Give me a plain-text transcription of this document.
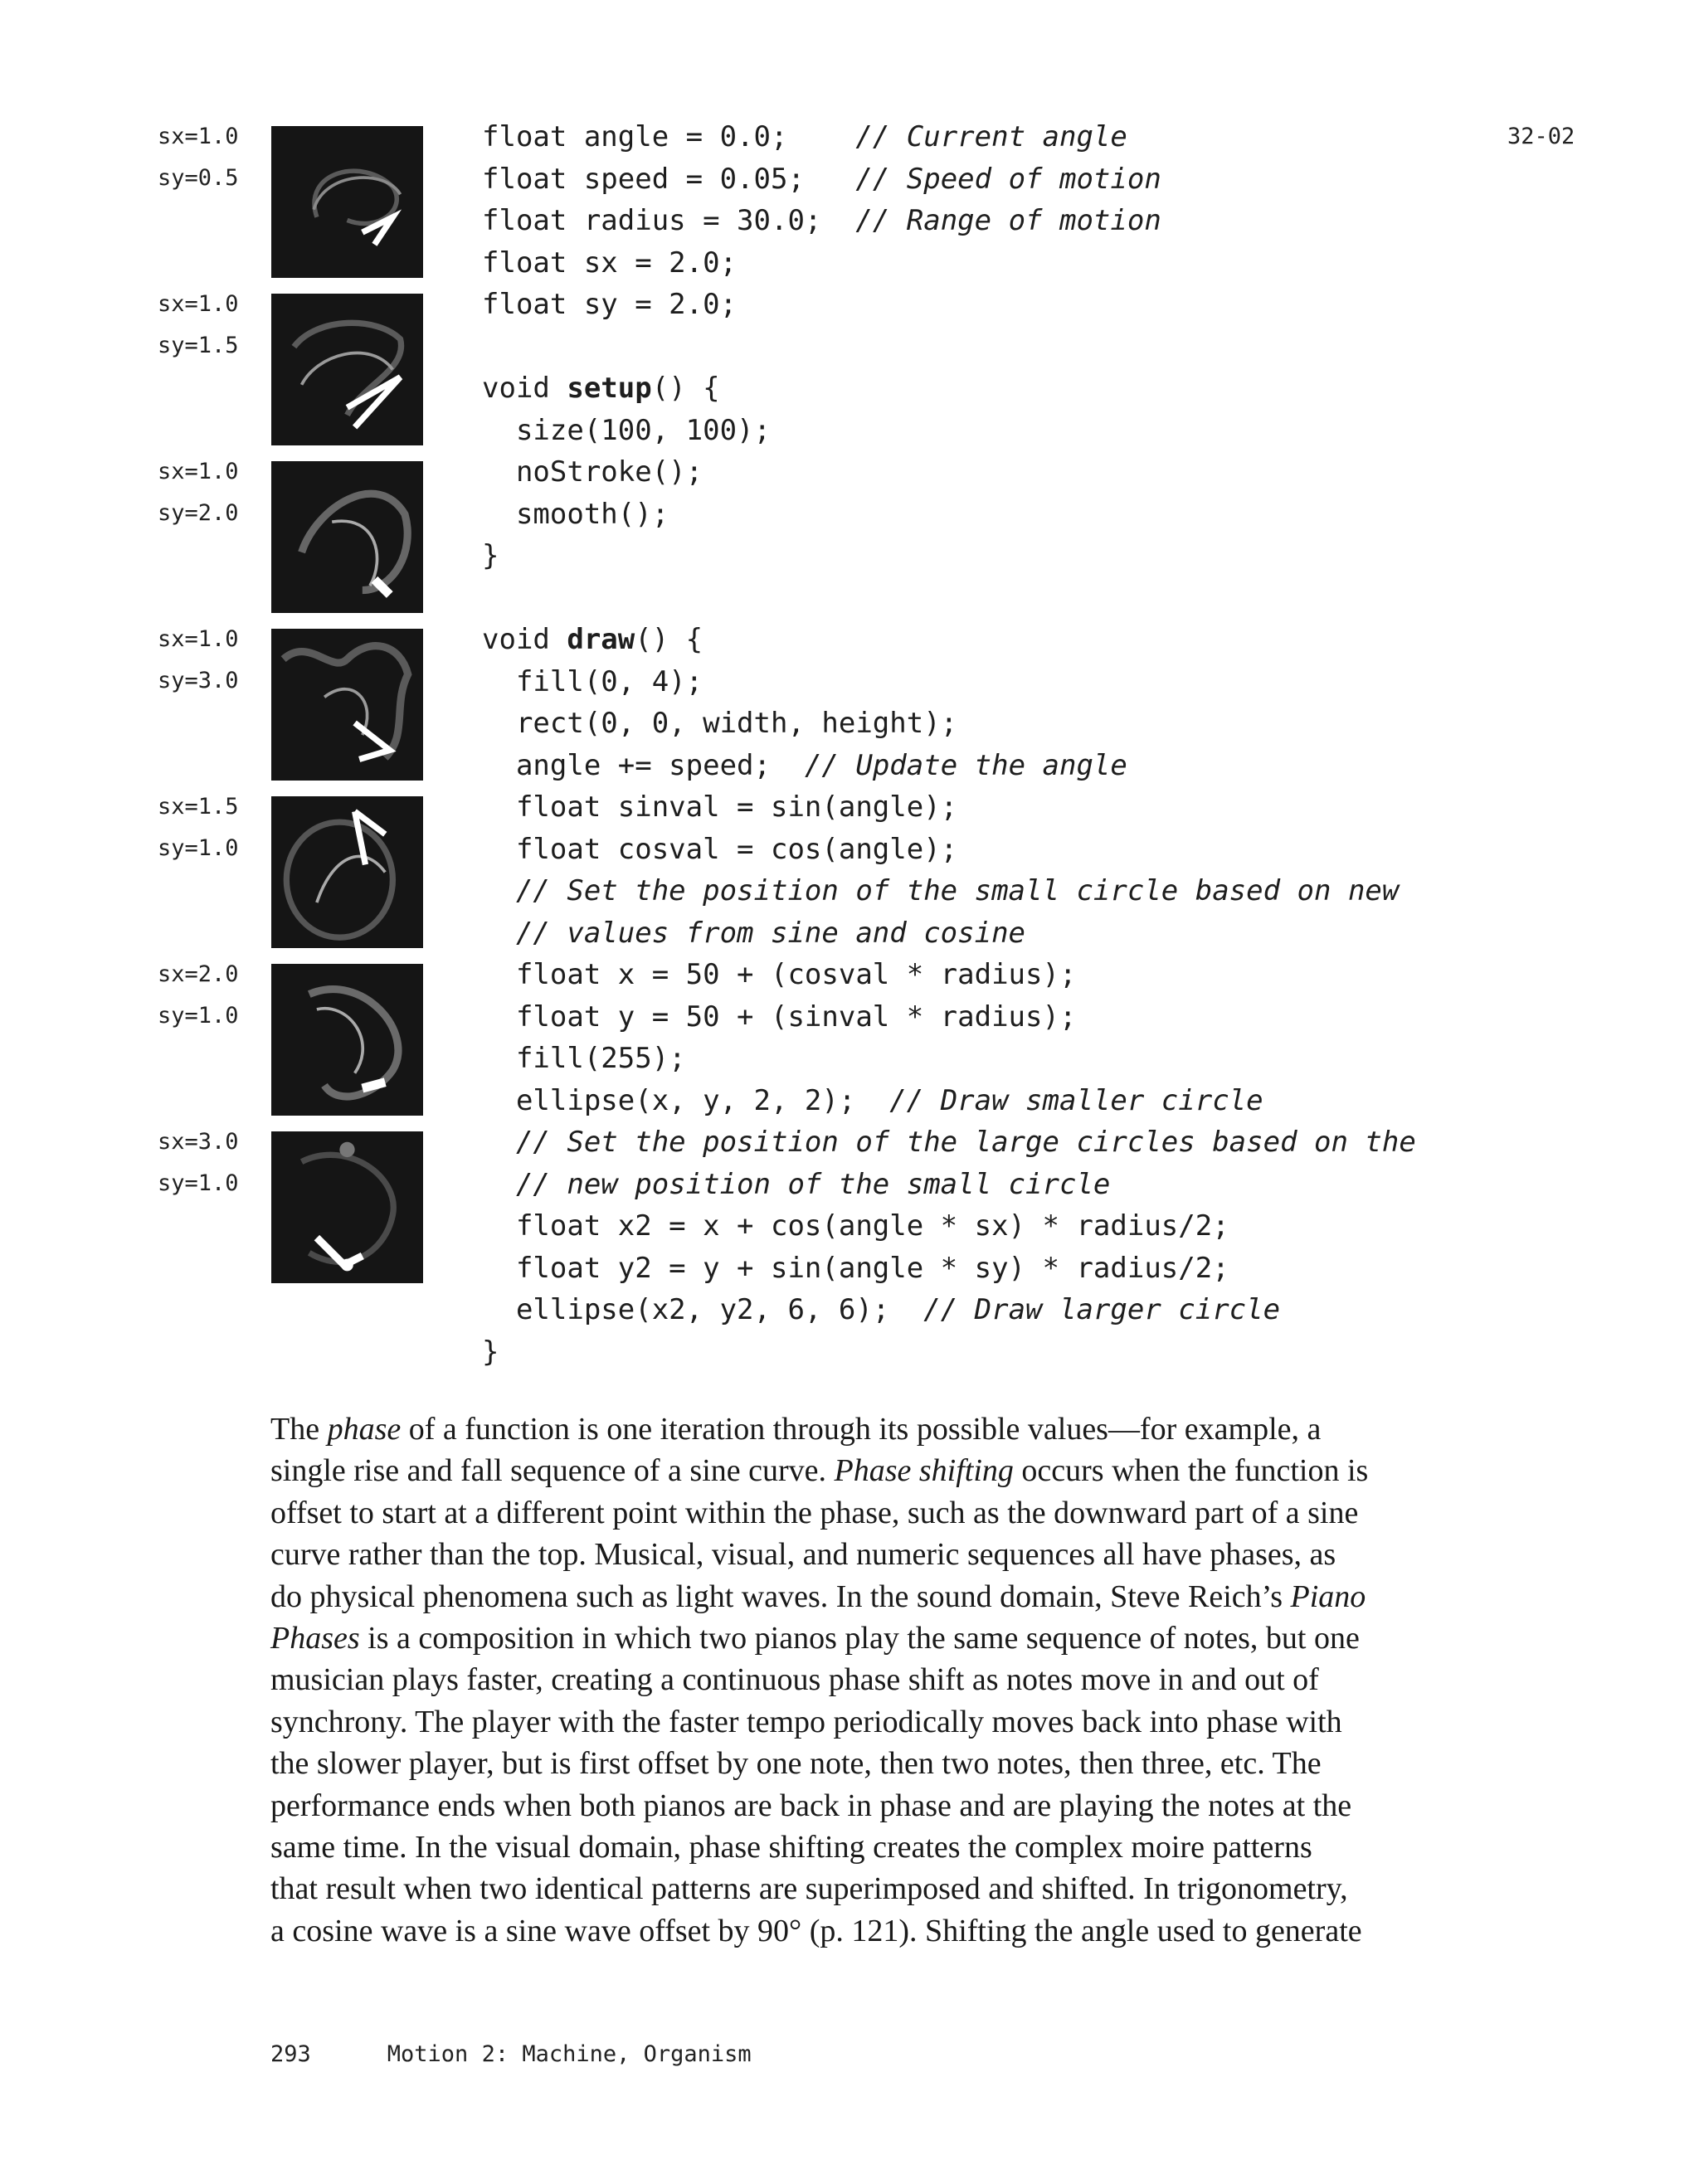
32-02
sx=1.0
sy=0.5
sx=1.0
sy=1.5
sx=1.0
sy=2.0
sx=1.0
sy=3.0
sx=1.5
sy=1.0
sx=2.0
sy=1.0
sx=3.0
sy=1.0
float angle = 0.0;    // Current angle
float speed = 0.05;   // Speed of motion
float radius = 30.0;  // Range of motion
float sx = 2.0;
float sy = 2.0;
void setup() {
size(100, 100);
noStroke();
smooth();
}
void draw() {
fill(0, 4);
rect(0, 0, width, height);
angle += speed;  // Update the angle
float sinval = sin(angle);
float cosval = cos(angle);
// Set the position of the small circle based on new
// values from sine and cosine
float x = 50 + (cosval * radius);
float y = 50 + (sinval * radius);
fill(255);
ellipse(x, y, 2, 2);  // Draw smaller circle
// Set the position of the large circles based on the
// new position of the small circle
float x2 = x + cos(angle * sx) * radius/2;
float y2 = y + sin(angle * sy) * radius/2;
ellipse(x2, y2, 6, 6);  // Draw larger circle
}
The phase of a function is one iteration through its possible values—for example, a
single rise and fall sequence of a sine curve. Phase shifting occurs when the function is
offset to start at a different point within the phase, such as the downward part of a sine
curve rather than the top. Musical, visual, and numeric sequences all have phases, as
do physical phenomena such as light waves. In the sound domain, Steve Reich’s Piano
Phases is a composition in which two pianos play the same sequence of notes, but one
musician plays faster, creating a continuous phase shift as notes move in and out of
synchrony. The player with the faster tempo periodically moves back into phase with
the slower player, but is first offset by one note, then two notes, then three, etc. The
performance ends when both pianos are back in phase and are playing the notes at the
same time. In the visual domain, phase shifting creates the complex moire patterns
that result when two identical patterns are superimposed and shifted. In trigonometry,
a cosine wave is a sine wave offset by 90° (p. 121). Shifting the angle used to generate
293	Motion 2: Machine, Organism
